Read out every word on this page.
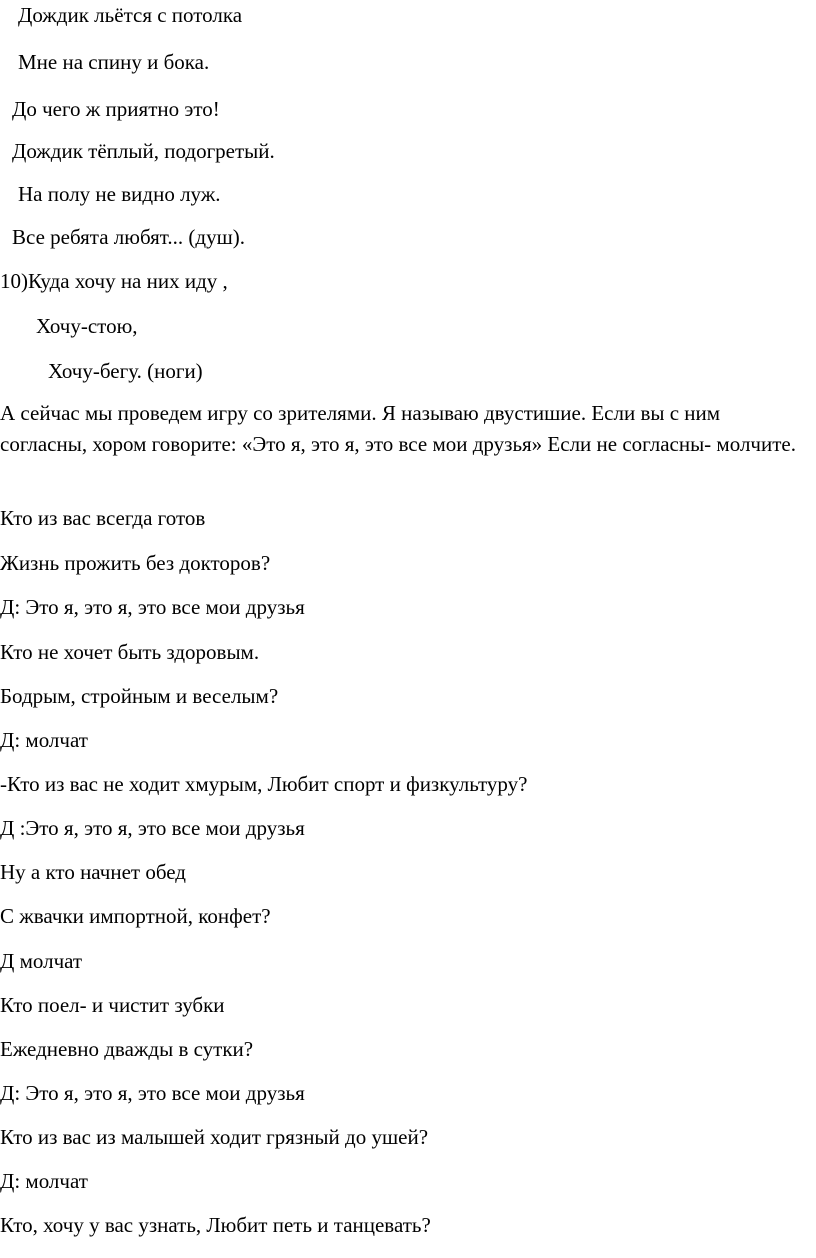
Дождик льётся с потолка

Мне на спину и бока.

До чего ж приятно это!

Дождик тёплый, подогретый.

На полу не видно луж.

Все ребята любят... (душ).

10)Куда хочу на них иду ,

Хочу-стою,

Хочу-бегу. (ноги)

А сейчас мы проведем игру со зрителями. Я называю двустишие. Если вы с ним согласны, хором говорите: «Это я, это я, это все мои друзья» Если не согласны- молчите.

Кто из вас всегда готов

Жизнь прожить без докторов?

Д: Это я, это я, это все мои друзья

Кто не хочет быть здоровым.

Бодрым, стройным и веселым?

Д: молчат

-Кто из вас не ходит хмурым, Любит спорт и физкультуру?

Д :Это я, это я, это все мои друзья

Ну а кто начнет обед

С жвачки импортной, конфет?

Д молчат

Кто поел- и чистит зубки

Ежедневно дважды в сутки?

Д: Это я, это я, это все мои друзья

Кто из вас из малышей ходит грязный до ушей?

Д: молчат

Кто, хочу у вас узнать, Любит петь и танцевать?
